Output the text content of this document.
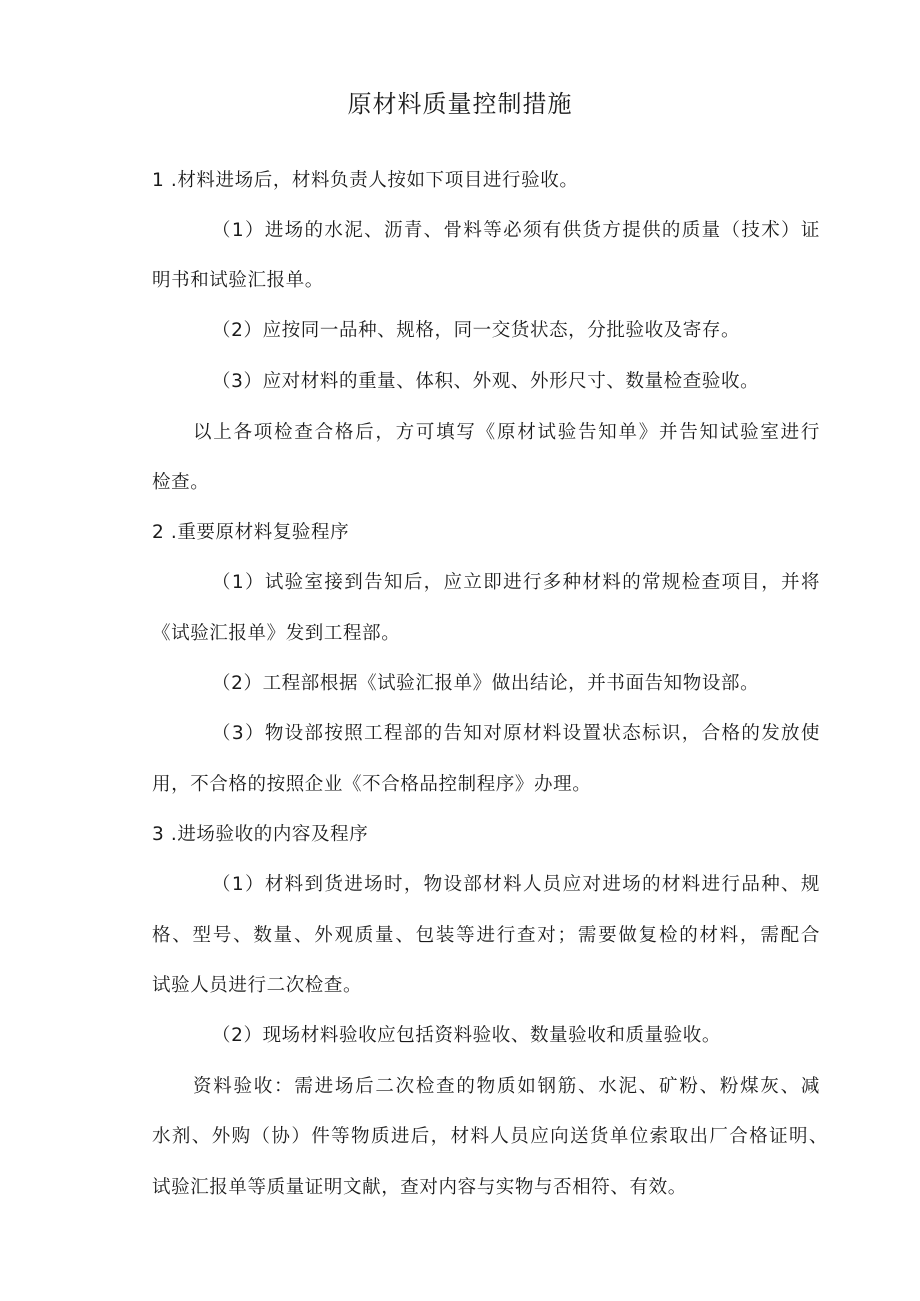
原材料质量控制措施
1 .材料进场后，材料负责人按如下项目进行验收。
（1）进场的水泥、沥青、骨料等必须有供货方提供的质量（技术）证
明书和试验汇报单。
（2）应按同一品种、规格，同一交货状态，分批验收及寄存。
（3）应对材料的重量、体积、外观、外形尺寸、数量检查验收。
以上各项检查合格后，方可填写《原材试验告知单》并告知试验室进行
检查。
2 .重要原材料复验程序
（1）试验室接到告知后，应立即进行多种材料的常规检查项目，并将
《试验汇报单》发到工程部。
（2）工程部根据《试验汇报单》做出结论，并书面告知物设部。
（3）物设部按照工程部的告知对原材料设置状态标识，合格的发放使
用，不合格的按照企业《不合格品控制程序》办理。
3 .进场验收的内容及程序
（1）材料到货进场时，物设部材料人员应对进场的材料进行品种、规
格、型号、数量、外观质量、包装等进行查对；需要做复检的材料，需配合
试验人员进行二次检查。
（2）现场材料验收应包括资料验收、数量验收和质量验收。
资料验收：需进场后二次检查的物质如钢筋、水泥、矿粉、粉煤灰、减
水剂、外购（协）件等物质进后，材料人员应向送货单位索取出厂合格证明、
试验汇报单等质量证明文献，查对内容与实物与否相符、有效。
